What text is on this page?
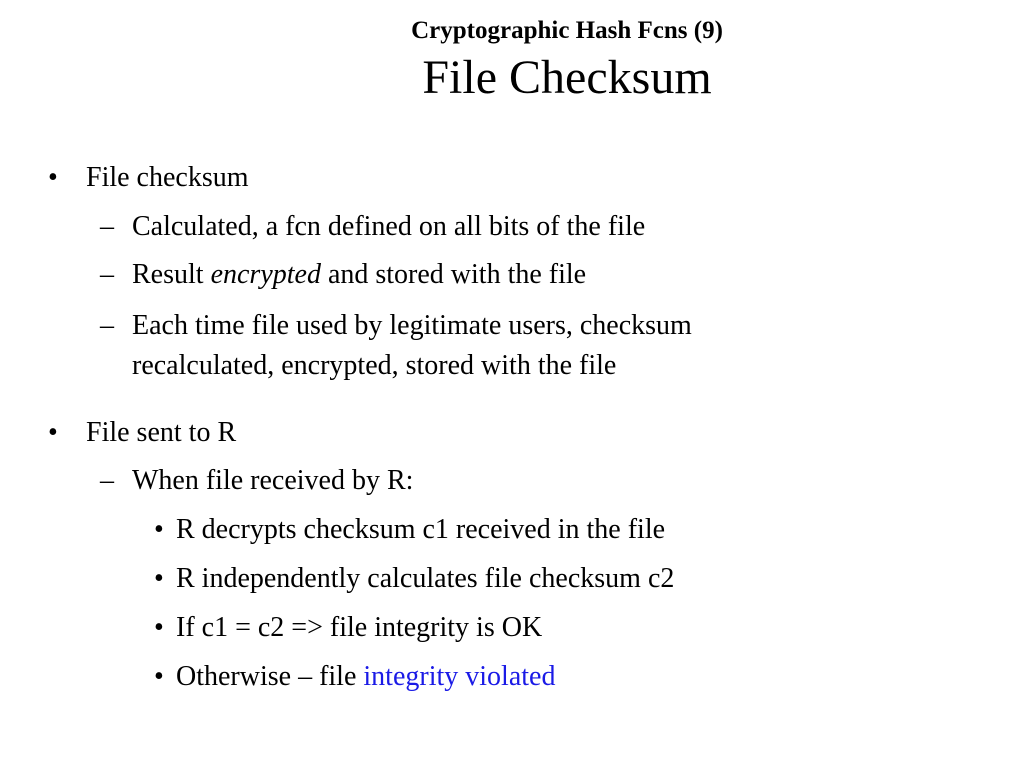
Cryptographic Hash Fcns (9)
File Checksum
• File checksum
– Calculated, a fcn defined on all bits of the file
– Result encrypted and stored with the file
– Each time file used by legitimate users, checksum
recalculated, encrypted, stored with the file
• File sent to R
– When file received by R:
• R decrypts checksum c1 received in the file
• R independently calculates file checksum c2
• If c1 = c2 => file integrity is OK
• Otherwise – file integrity violated
